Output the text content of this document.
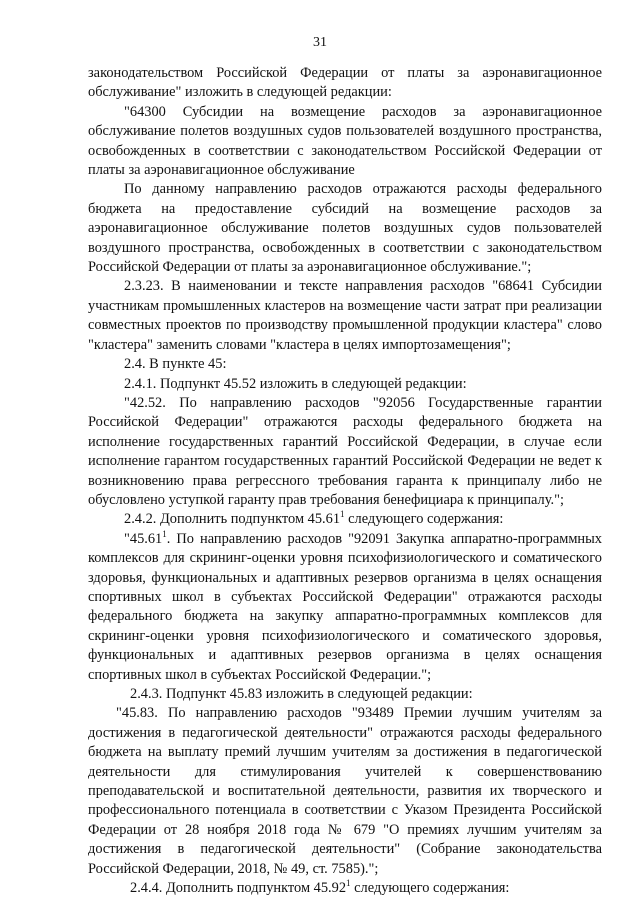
31

законодательством Российской Федерации от платы за аэронавигационное обслуживание" изложить в следующей редакции:

"64300 Субсидии на возмещение расходов за аэронавигационное обслуживание полетов воздушных судов пользователей воздушного пространства, освобожденных в соответствии с законодательством Российской Федерации от платы за аэронавигационное обслуживание

По данному направлению расходов отражаются расходы федерального бюджета на предоставление субсидий на возмещение расходов за аэронавигационное обслуживание полетов воздушных судов пользователей воздушного пространства, освобожденных в соответствии с законодательством Российской Федерации от платы за аэронавигационное обслуживание.";

2.3.23. В наименовании и тексте направления расходов "68641 Субсидии участникам промышленных кластеров на возмещение части затрат при реализации совместных проектов по производству промышленной продукции кластера" слово "кластера" заменить словами "кластера в целях импортозамещения";

2.4. В пункте 45:

2.4.1. Подпункт 45.52 изложить в следующей редакции:

"42.52. По направлению расходов "92056 Государственные гарантии Российской Федерации" отражаются расходы федерального бюджета на исполнение государственных гарантий Российской Федерации, в случае если исполнение гарантом государственных гарантий Российской Федерации не ведет к возникновению права регрессного требования гаранта к принципалу либо не обусловлено уступкой гаранту прав требования бенефициара к принципалу.";

2.4.2. Дополнить подпунктом 45.61$^1$ следующего содержания:

"45.61$^1$. По направлению расходов "92091 Закупка аппаратно-программных комплексов для скрининг-оценки уровня психофизиологического и соматического здоровья, функциональных и адаптивных резервов организма в целях оснащения спортивных школ в субъектах Российской Федерации" отражаются расходы федерального бюджета на закупку аппаратно-программных комплексов для скрининг-оценки уровня психофизиологического и соматического здоровья, функциональных и адаптивных резервов организма в целях оснащения спортивных школ в субъектах Российской Федерации.";

2.4.3. Подпункт 45.83 изложить в следующей редакции:

"45.83. По направлению расходов "93489 Премии лучшим учителям за достижения в педагогической деятельности" отражаются расходы федерального бюджета на выплату премий лучшим учителям за достижения в педагогической деятельности для стимулирования учителей к совершенствованию преподавательской и воспитательной деятельности, развития их творческого и профессионального потенциала в соответствии с Указом Президента Российской Федерации от 28 ноября 2018 года № 679 "О премиях лучшим учителям за достижения в педагогической деятельности" (Собрание законодательства Российской Федерации, 2018, № 49, ст. 7585).";

2.4.4. Дополнить подпунктом 45.92$^1$ следующего содержания:
